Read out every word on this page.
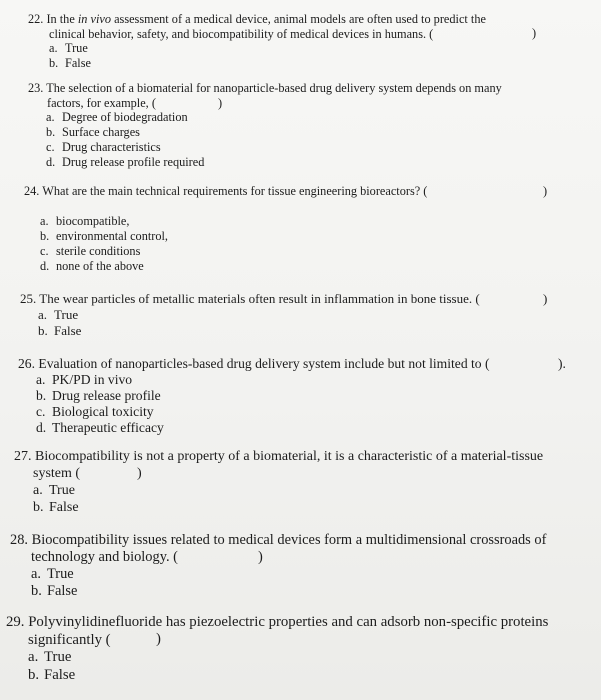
22. In the in vivo assessment of a medical device, animal models are often used to predict the
clinical behavior, safety, and biocompatibility of medical devices in humans. (	)
a. True
b. False
23. The selection of a biomaterial for nanoparticle-based drug delivery system depends on many
factors, for example, (	)
a. Degree of biodegradation
b. Surface charges
c. Drug characteristics
d. Drug release profile required
24. What are the main technical requirements for tissue engineering bioreactors? (	)
a. biocompatible,
b. environmental control,
c. sterile conditions
d. none of the above
25. The wear particles of metallic materials often result in inflammation in bone tissue. (	)
a. True
b. False
26. Evaluation of nanoparticles-based drug delivery system include but not limited to (	).
a. PK/PD in vivo
b. Drug release profile
c. Biological toxicity
d. Therapeutic efficacy
27. Biocompatibility is not a property of a biomaterial, it is a characteristic of a material-tissue
system (	)
a. True
b. False
28. Biocompatibility issues related to medical devices form a multidimensional crossroads of
technology and biology. (	)
a. True
b. False
29. Polyvinylidinefluoride has piezoelectric properties and can adsorb non-specific proteins
significantly (	)
a. True
b. False
